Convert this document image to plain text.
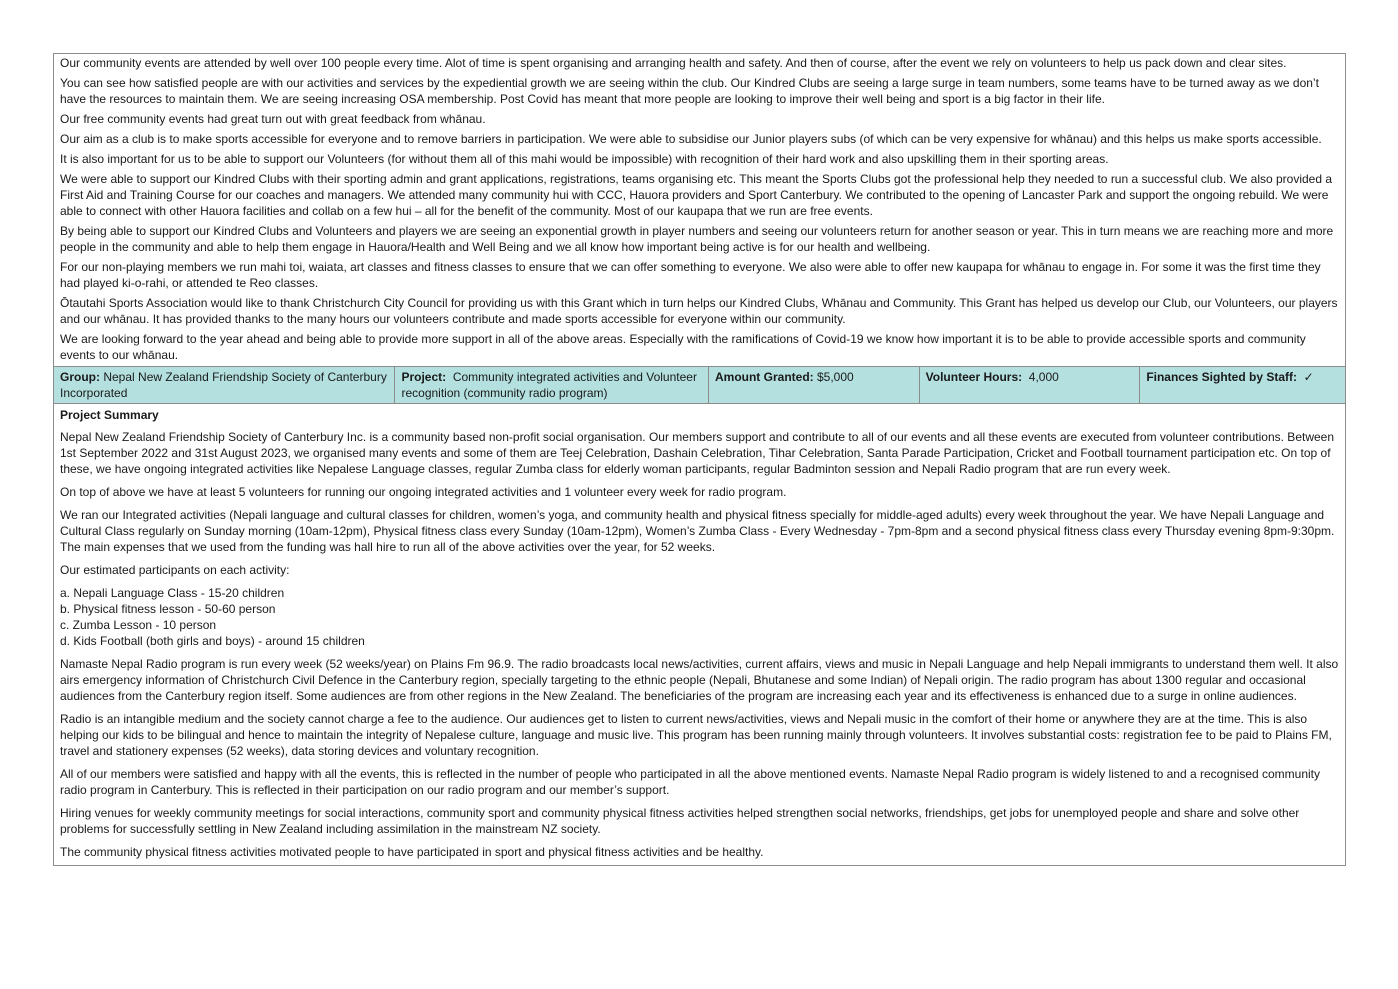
Our community events are attended by well over 100 people every time. Alot of time is spent organising and arranging health and safety. And then of course, after the event we rely on volunteers to help us pack down and clear sites.

You can see how satisfied people are with our activities and services by the expediential growth we are seeing within the club. Our Kindred Clubs are seeing a large surge in team numbers, some teams have to be turned away as we don’t have the resources to maintain them. We are seeing increasing OSA membership. Post Covid has meant that more people are looking to improve their well being and sport is a big factor in their life.

Our free community events had great turn out with great feedback from whānau.

Our aim as a club is to make sports accessible for everyone and to remove barriers in participation. We were able to subsidise our Junior players subs (of which can be very expensive for whānau) and this helps us make sports accessible.

It is also important for us to be able to support our Volunteers (for without them all of this mahi would be impossible) with recognition of their hard work and also upskilling them in their sporting areas.

We were able to support our Kindred Clubs with their sporting admin and grant applications, registrations, teams organising etc. This meant the Sports Clubs got the professional help they needed to run a successful club. We also provided a First Aid and Training Course for our coaches and managers. We attended many community hui with CCC, Hauora providers and Sport Canterbury. We contributed to the opening of Lancaster Park and support the ongoing rebuild. We were able to connect with other Hauora facilities and collab on a few hui – all for the benefit of the community. Most of our kaupapa that we run are free events.

By being able to support our Kindred Clubs and Volunteers and players we are seeing an exponential growth in player numbers and seeing our volunteers return for another season or year. This in turn means we are reaching more and more people in the community and able to help them engage in Hauora/Health and Well Being and we all know how important being active is for our health and wellbeing.

For our non-playing members we run mahi toi, waiata, art classes and fitness classes to ensure that we can offer something to everyone. We also were able to offer new kaupapa for whānau to engage in. For some it was the first time they had played ki-o-rahi, or attended te Reo classes.

Ōtautahi Sports Association would like to thank Christchurch City Council for providing us with this Grant which in turn helps our Kindred Clubs, Whānau and Community. This Grant has helped us develop our Club, our Volunteers, our players and our whānau. It has provided thanks to the many hours our volunteers contribute and made sports accessible for everyone within our community.

We are looking forward to the year ahead and being able to provide more support in all of the above areas. Especially with the ramifications of Covid-19 we know how important it is to be able to provide accessible sports and community events to our whānau.

Group: Nepal New Zealand Friendship Society of Canterbury Incorporated
Project: Community integrated activities and Volunteer recognition (community radio program)
Amount Granted: $5,000	Volunteer Hours: 4,000	Finances Sighted by Staff: ✓
Project Summary

Nepal New Zealand Friendship Society of Canterbury Inc. is a community based non-profit social organisation. Our members support and contribute to all of our events and all these events are executed from volunteer contributions. Between 1st September 2022 and 31st August 2023, we organised many events and some of them are Teej Celebration, Dashain Celebration, Tihar Celebration, Santa Parade Participation, Cricket and Football tournament participation etc. On top of these, we have ongoing integrated activities like Nepalese Language classes, regular Zumba class for elderly woman participants, regular Badminton session and Nepali Radio program that are run every week.

On top of above we have at least 5 volunteers for running our ongoing integrated activities and 1 volunteer every week for radio program.

We ran our Integrated activities (Nepali language and cultural classes for children, women’s yoga, and community health and physical fitness specially for middle-aged adults) every week throughout the year. We have Nepali Language and Cultural Class regularly on Sunday morning (10am-12pm), Physical fitness class every Sunday (10am-12pm), Women’s Zumba Class - Every Wednesday - 7pm-8pm and a second physical fitness class every Thursday evening 8pm-9:30pm. The main expenses that we used from the funding was hall hire to run all of the above activities over the year, for 52 weeks.

Our estimated participants on each activity:

a. Nepali Language Class - 15-20 children
b. Physical fitness lesson - 50-60 person
c. Zumba Lesson - 10 person
d. Kids Football (both girls and boys) - around 15 children

Namaste Nepal Radio program is run every week (52 weeks/year) on Plains Fm 96.9. The radio broadcasts local news/activities, current affairs, views and music in Nepali Language and help Nepali immigrants to understand them well. It also airs emergency information of Christchurch Civil Defence in the Canterbury region, specially targeting to the ethnic people (Nepali, Bhutanese and some Indian) of Nepali origin. The radio program has about 1300 regular and occasional audiences from the Canterbury region itself. Some audiences are from other regions in the New Zealand. The beneficiaries of the program are increasing each year and its effectiveness is enhanced due to a surge in online audiences.

Radio is an intangible medium and the society cannot charge a fee to the audience. Our audiences get to listen to current news/activities, views and Nepali music in the comfort of their home or anywhere they are at the time. This is also helping our kids to be bilingual and hence to maintain the integrity of Nepalese culture, language and music live. This program has been running mainly through volunteers. It involves substantial costs: registration fee to be paid to Plains FM, travel and stationery expenses (52 weeks), data storing devices and voluntary recognition.

All of our members were satisfied and happy with all the events, this is reflected in the number of people who participated in all the above mentioned events. Namaste Nepal Radio program is widely listened to and a recognised community radio program in Canterbury. This is reflected in their participation on our radio program and our member’s support.

Hiring venues for weekly community meetings for social interactions, community sport and community physical fitness activities helped strengthen social networks, friendships, get jobs for unemployed people and share and solve other problems for successfully settling in New Zealand including assimilation in the mainstream NZ society.

The community physical fitness activities motivated people to have participated in sport and physical fitness activities and be healthy.
